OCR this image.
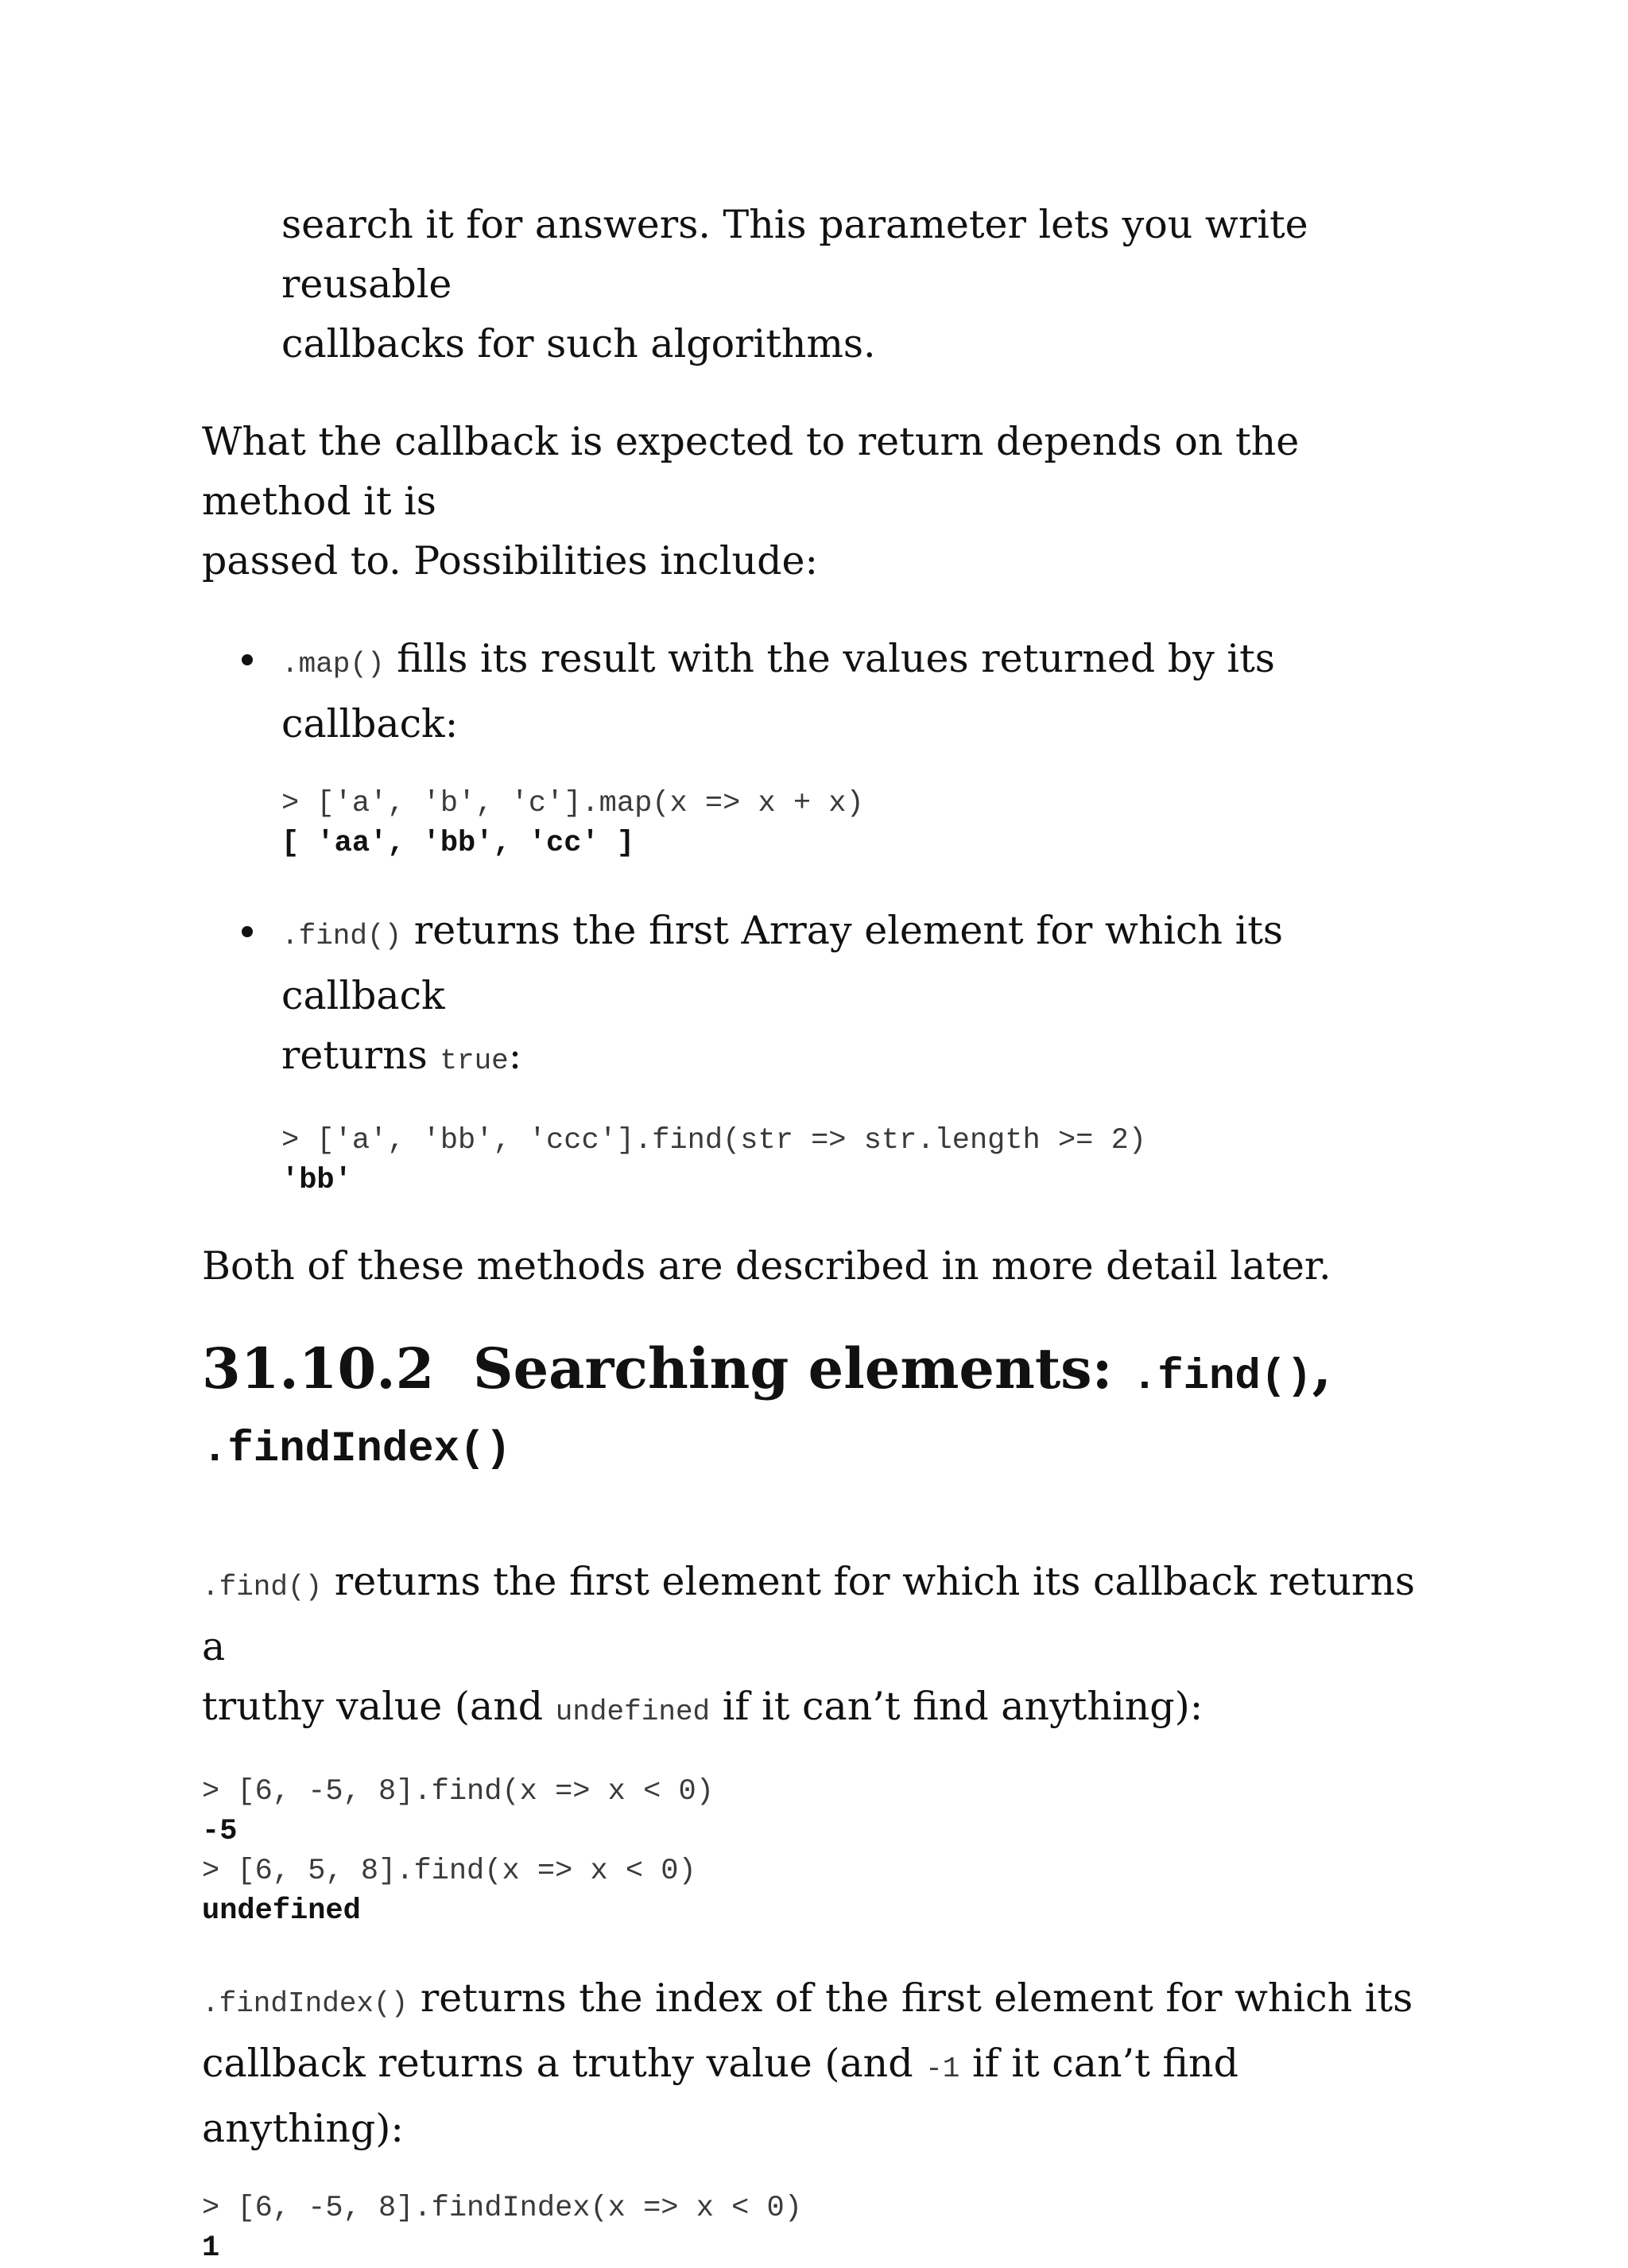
search it for answers. This parameter lets you write reusable

callbacks for such algorithms.

What the callback is expected to return depends on the method it is

passed to. Possibilities include:

.map() fills its result with the values returned by its callback:

> ['a', 'b', 'c'].map(x => x + x)

[ 'aa', 'bb', 'cc' ]

.find() returns the first Array element for which its callback

returns true:

> ['a', 'bb', 'ccc'].find(str => str.length >= 2)

'bb'

Both of these methods are described in more detail later.

31.10.2 Searching elements: .find(),
.findIndex()

.find() returns the first element for which its callback returns a

truthy value (and undefined if it can’t find anything):

> [6, -5, 8].find(x => x < 0)

-5

> [6, 5, 8].find(x => x < 0)

undefined

.findIndex() returns the index of the first element for which its

callback returns a truthy value (and -1 if it can’t find anything):

> [6, -5, 8].findIndex(x => x < 0)

1
